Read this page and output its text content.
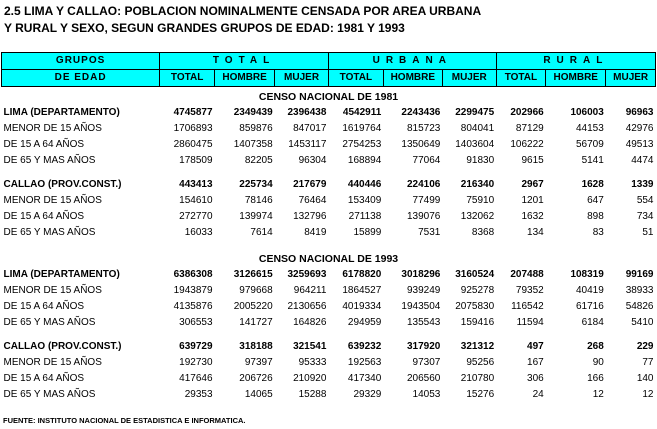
2.5 LIMA Y CALLAO: POBLACION NOMINALMENTE CENSADA POR AREA URBANA
Y RURAL Y SEXO, SEGUN GRANDES GRUPOS DE EDAD: 1981 Y 1993
GRUPOS	TOTAL			URBANA			RURAL		
DE EDAD	TOTAL	HOMBRE	MUJER	TOTAL	HOMBRE	MUJER	TOTAL	HOMBRE	MUJER
CENSO NACIONAL DE 1981									
LIMA (DEPARTAMENTO)	4745877	2349439	2396438	4542911	2243436	2299475	202966	106003	96963
MENOR DE 15 AÑOS	1706893	859876	847017	1619764	815723	804041	87129	44153	42976
DE 15 A 64 AÑOS	2860475	1407358	1453117	2754253	1350649	1403604	106222	56709	49513
DE 65 Y MAS AÑOS	178509	82205	96304	168894	77064	91830	9615	5141	4474

CALLAO (PROV.CONST.)	443413	225734	217679	440446	224106	216340	2967	1628	1339
MENOR DE 15 AÑOS	154610	78146	76464	153409	77499	75910	1201	647	554
DE 15 A 64 AÑOS	272770	139974	132796	271138	139076	132062	1632	898	734
DE 65 Y MAS AÑOS	16033	7614	8419	15899	7531	8368	134	83	51

CENSO NACIONAL DE 1993									
LIMA (DEPARTAMENTO)	6386308	3126615	3259693	6178820	3018296	3160524	207488	108319	99169
MENOR DE 15 AÑOS	1943879	979668	964211	1864527	939249	925278	79352	40419	38933
DE 15 A 64 AÑOS	4135876	2005220	2130656	4019334	1943504	2075830	116542	61716	54826
DE 65 Y MAS AÑOS	306553	141727	164826	294959	135543	159416	11594	6184	5410

CALLAO (PROV.CONST.)	639729	318188	321541	639232	317920	321312	497	268	229
MENOR DE 15 AÑOS	192730	97397	95333	192563	97307	95256	167	90	77
DE 15 A 64 AÑOS	417646	206726	210920	417340	206560	210780	306	166	140
DE 65 Y MAS AÑOS	29353	14065	15288	29329	14053	15276	24	12	12
FUENTE: INSTITUTO NACIONAL DE ESTADISTICA E INFORMATICA.
